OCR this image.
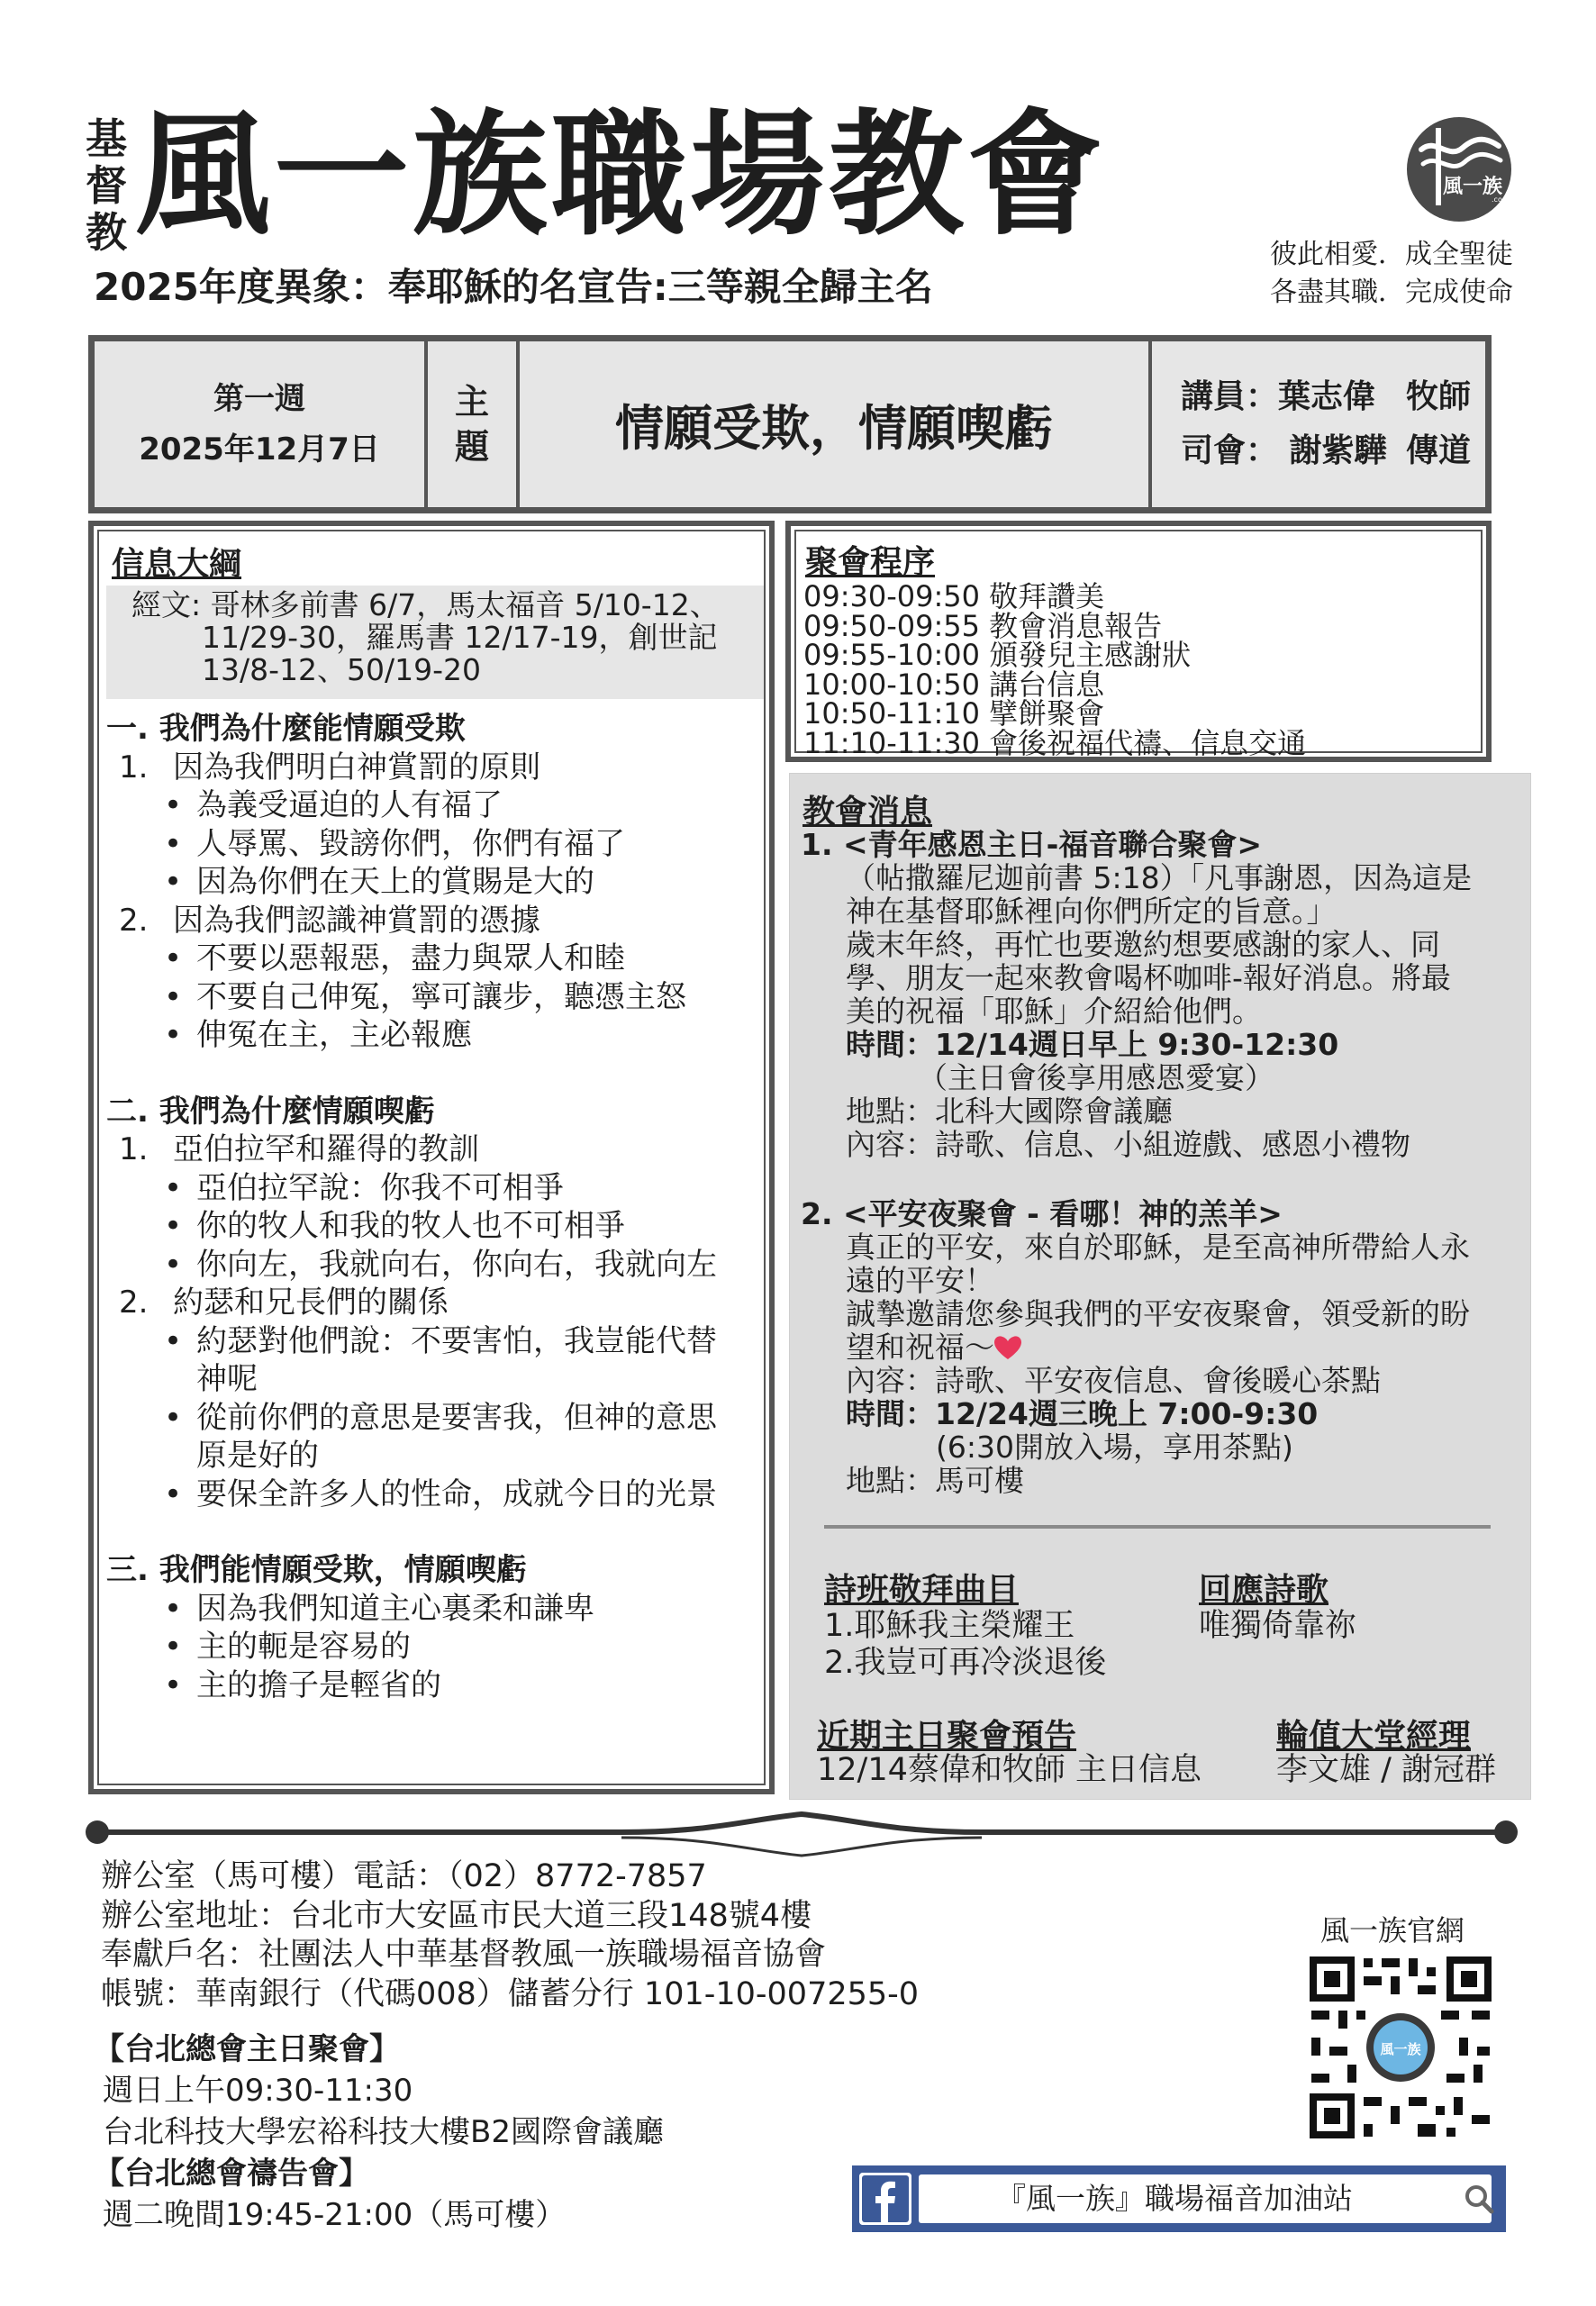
基
督
教 風一族職場教會
2025年度異象：奉耶穌的名宣告:三等親全歸主名
風一族
.com
彼此相愛．成全聖徒
各盡其職．完成使命
第一週
2025年12月7日
主
題	情願受欺，情願喫虧
講員：葉志偉 牧師
司會： 謝紫驊 傳道
信息大綱
經文: 哥林多前書 6/7，馬太福音 5/10-12、
11/29-30，羅馬書 12/17-19，創世記
13/8-12、50/19-20
一. 我們為什麼能情願受欺
1. 因為我們明白神賞罰的原則
• 為義受逼迫的人有福了
• 人辱罵、毀謗你們，你們有福了
• 因為你們在天上的賞賜是大的
2. 因為我們認識神賞罰的憑據
• 不要以惡報惡，盡力與眾人和睦
• 不要自己伸冤，寧可讓步，聽憑主怒
• 伸冤在主，主必報應
二. 我們為什麼情願喫虧
1. 亞伯拉罕和羅得的教訓
• 亞伯拉罕說：你我不可相爭
• 你的牧人和我的牧人也不可相爭
• 你向左，我就向右，你向右，我就向左
2. 約瑟和兄長們的關係
• 約瑟對他們說：不要害怕，我豈能代替
神呢
• 從前你們的意思是要害我，但神的意思
原是好的
• 要保全許多人的性命，成就今日的光景
三. 我們能情願受欺，情願喫虧
• 因為我們知道主心裏柔和謙卑
• 主的軛是容易的
• 主的擔子是輕省的
聚會程序
09:30-09:50 敬拜讚美
09:50-09:55 教會消息報告
09:55-10:00 頒發兒主感謝狀
10:00-10:50 講台信息
10:50-11:10 擘餅聚會
11:10-11:30 會後祝福代禱、信息交通
教會消息
1. <青年感恩主日-福音聯合聚會>
（帖撒羅尼迦前書 5:18）「凡事謝恩，因為這是
神在基督耶穌裡向你們所定的旨意。」
歲末年終，再忙也要邀約想要感謝的家人、同
學、朋友一起來教會喝杯咖啡-報好消息。將最
美的祝福「耶穌」介紹給他們。
時間：12/14週日早上 9:30-12:30
（主日會後享用感恩愛宴）
地點：北科大國際會議廳
內容：詩歌、信息、小組遊戲、感恩小禮物
2. <平安夜聚會 - 看哪！神的羔羊>
真正的平安，來自於耶穌，是至高神所帶給人永
遠的平安！
誠摯邀請您參與我們的平安夜聚會，領受新的盼
望和祝福～
內容：詩歌、平安夜信息、會後暖心茶點
時間：12/24週三晚上 7:00-9:30
(6:30開放入場，享用茶點)
地點：馬可樓
詩班敬拜曲目
1.耶穌我主榮耀王
2.我豈可再冷淡退後
回應詩歌
唯獨倚靠祢
近期主日聚會預告
12/14蔡偉和牧師 主日信息
輪值大堂經理
李文雄 / 謝冠群
辦公室（馬可樓）電話：（02）8772-7857
辦公室地址：台北市大安區市民大道三段148號4樓
奉獻戶名：社團法人中華基督教風一族職場福音協會
帳號：華南銀行（代碼008）儲蓄分行 101-10-007255-0
【台北總會主日聚會】
週日上午09:30-11:30
台北科技大學宏裕科技大樓B2國際會議廳
【台北總會禱告會】
週二晚間19:45-21:00（馬可樓）
風一族官網
風一族
『風一族』職場福音加油站
